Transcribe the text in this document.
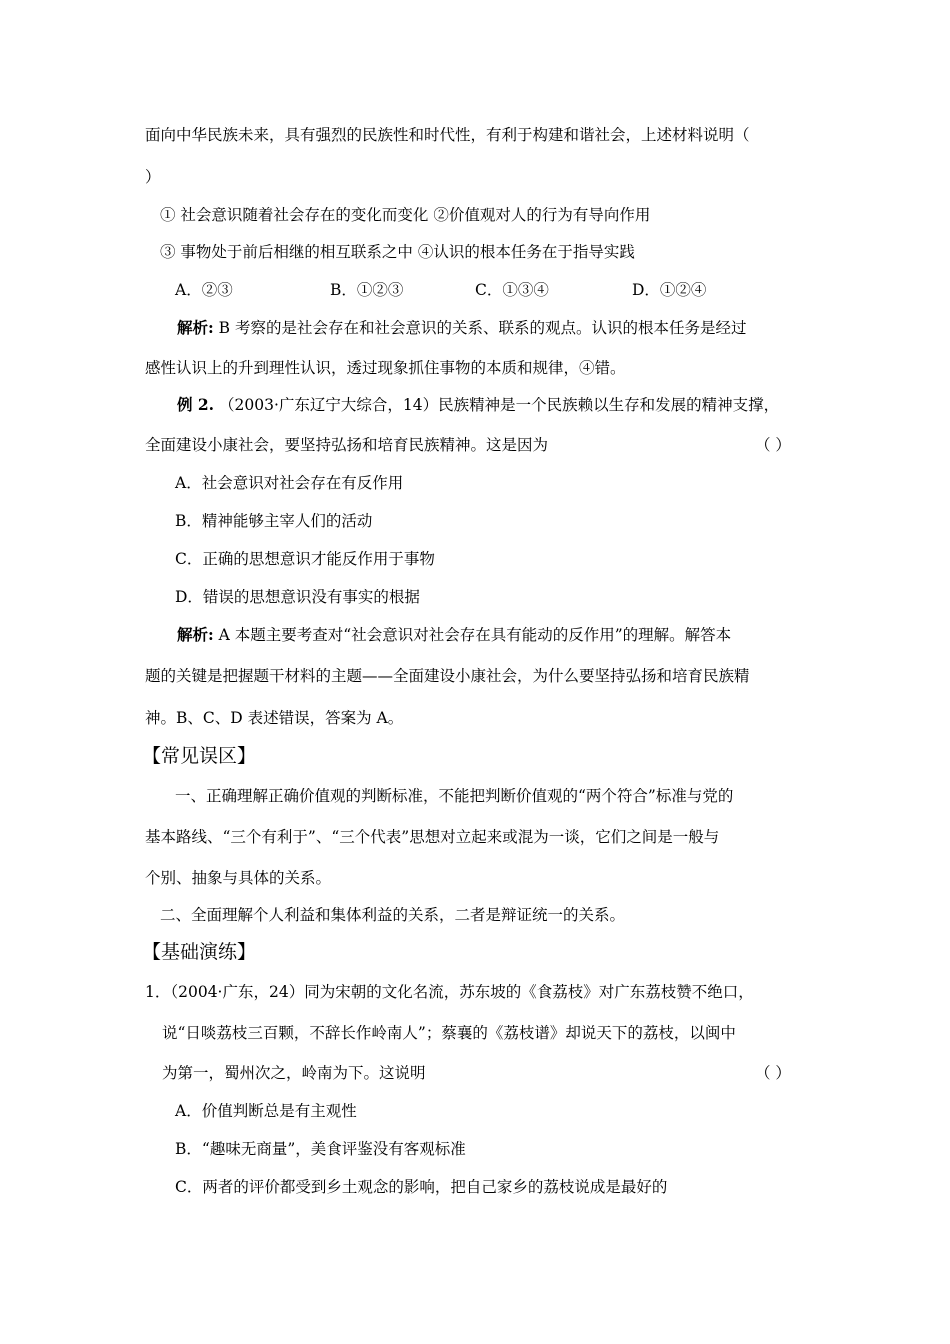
面向中华民族未来，具有强烈的民族性和时代性，有利于构建和谐社会，上述材料说明（
）
① 社会意识随着社会存在的变化而变化 ②价值观对人的行为有导向作用
③ 事物处于前后相继的相互联系之中 ④认识的根本任务在于指导实践
A．②③	B．①②③	C．①③④	D．①②④
解析: B 考察的是社会存在和社会意识的关系、联系的观点。认识的根本任务是经过
感性认识上的升到理性认识，透过现象抓住事物的本质和规律，④错。
例 2. （2003·广东辽宁大综合，14）民族精神是一个民族赖以生存和发展的精神支撑，
全面建设小康社会，要坚持弘扬和培育民族精神。这是因为	（ ）
A．社会意识对社会存在有反作用
B．精神能够主宰人们的活动
C．正确的思想意识才能反作用于事物
D．错误的思想意识没有事实的根据
解析: A 本题主要考查对“社会意识对社会存在具有能动的反作用”的理解。解答本
题的关键是把握题干材料的主题——全面建设小康社会，为什么要坚持弘扬和培育民族精
神。B、C、D 表述错误，答案为 A。
【常见误区】
一、正确理解正确价值观的判断标准，不能把判断价值观的“两个符合”标准与党的
基本路线、“三个有利于”、“三个代表”思想对立起来或混为一谈，它们之间是一般与
个别、抽象与具体的关系。
二、全面理解个人利益和集体利益的关系，二者是辩证统一的关系。
【基础演练】
1．（2004·广东，24）同为宋朝的文化名流，苏东坡的《食荔枝》对广东荔枝赞不绝口，
说“日啖荔枝三百颗，不辞长作岭南人”；蔡襄的《荔枝谱》却说天下的荔枝，以闽中
为第一，蜀州次之，岭南为下。这说明	（ ）
A．价值判断总是有主观性
B．“趣味无商量”，美食评鉴没有客观标准
C．两者的评价都受到乡土观念的影响，把自己家乡的荔枝说成是最好的
